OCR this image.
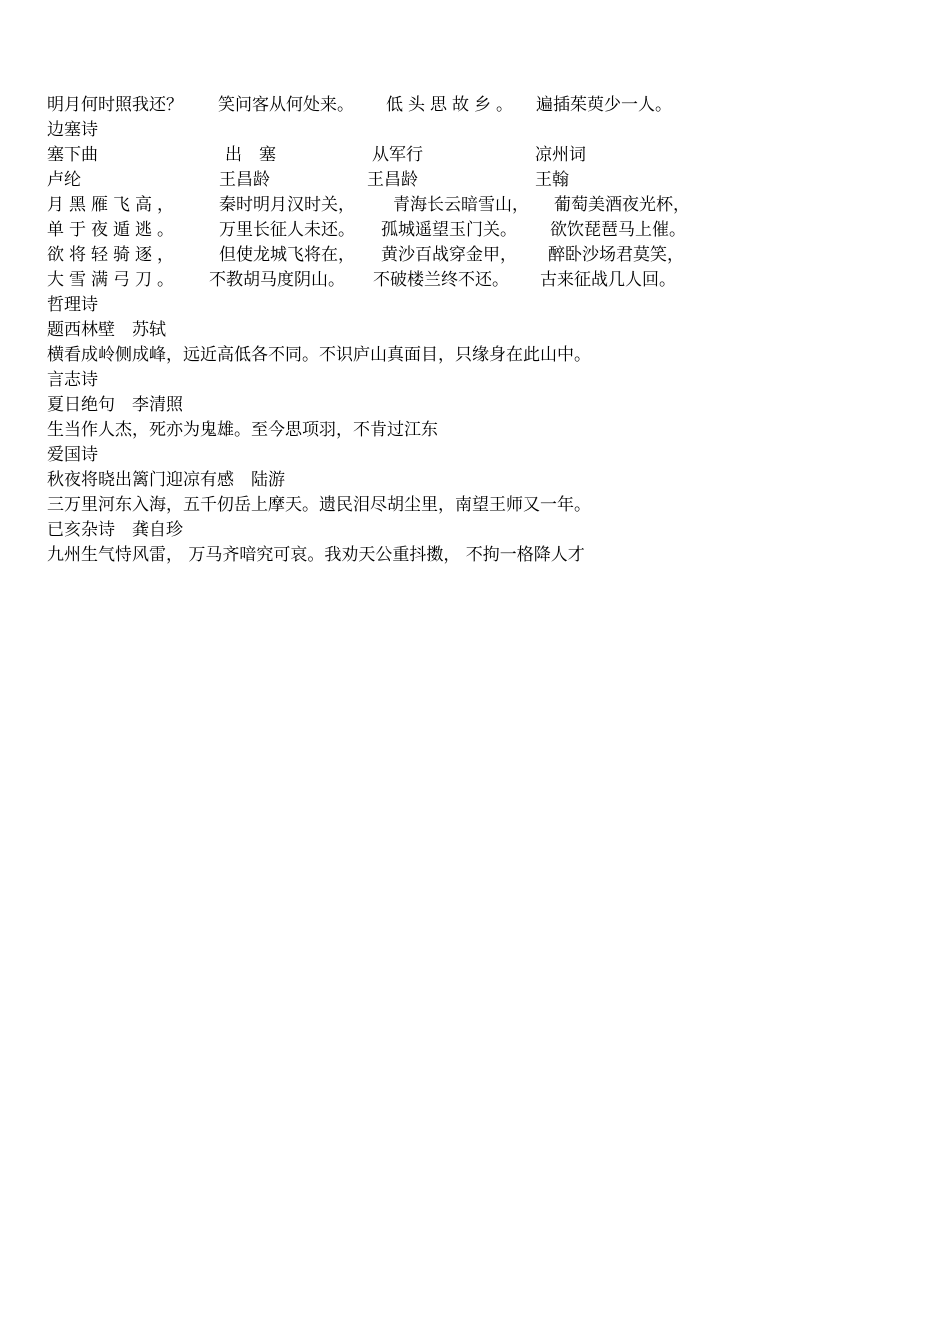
明月何时照我还？ 笑问客从何处来。 低头思故乡。 遍插茱萸少一人。
边塞诗
塞下曲	出　塞	从军行	凉州词
卢纶	王昌龄	王昌龄	王翰
月黑雁飞高， 秦时明月汉时关， 青海长云暗雪山， 葡萄美酒夜光杯，
单于夜遁逃。 万里长征人未还。 孤城遥望玉门关。 欲饮琵琶马上催。
欲将轻骑逐， 但使龙城飞将在， 黄沙百战穿金甲， 醉卧沙场君莫笑，
大雪满弓刀。 不教胡马度阴山。 不破楼兰终不还。 古来征战几人回。
哲理诗
题西林壁　苏轼
横看成岭侧成峰，远近高低各不同。不识庐山真面目，只缘身在此山中。
言志诗
夏日绝句　李清照
生当作人杰，死亦为鬼雄。至今思项羽，不肯过江东
爱国诗
秋夜将晓出篱门迎凉有感　陆游
三万里河东入海，五千仞岳上摩天。遗民泪尽胡尘里，南望王师又一年。
已亥杂诗　龚自珍
九州生气恃风雷， 万马齐喑究可哀。我劝天公重抖擞， 不拘一格降人才
